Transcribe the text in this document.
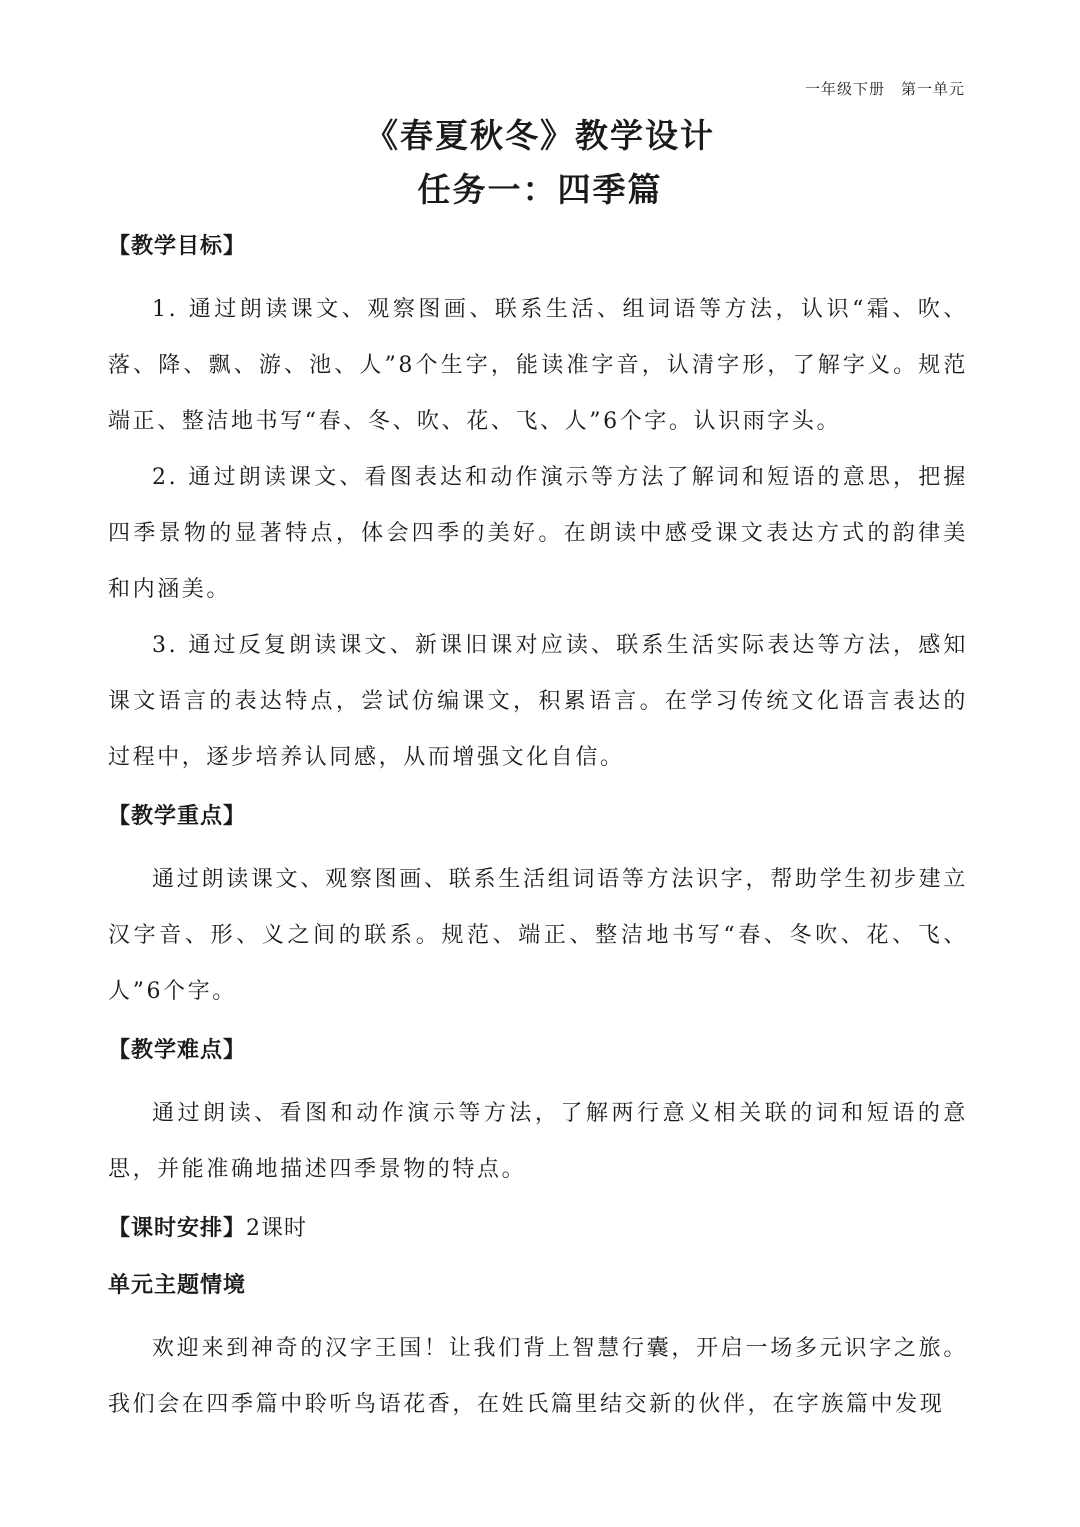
一年级下册　第一单元
《春夏秋冬》教学设计
任务一：四季篇
【教学目标】

1. 通过朗读课文、观察图画、联系生活、组词语等方法，认识“霜、吹、落、降、飘、游、池、人”8个生字，能读准字音，认清字形，了解字义。规范端正、整洁地书写“春、冬、吹、花、飞、人”6个字。认识雨字头。

2. 通过朗读课文、看图表达和动作演示等方法了解词和短语的意思，把握四季景物的显著特点，体会四季的美好。在朗读中感受课文表达方式的韵律美和内涵美。

3. 通过反复朗读课文、新课旧课对应读、联系生活实际表达等方法，感知课文语言的表达特点，尝试仿编课文，积累语言。在学习传统文化语言表达的过程中，逐步培养认同感，从而增强文化自信。

【教学重点】

通过朗读课文、观察图画、联系生活组词语等方法识字，帮助学生初步建立汉字音、形、义之间的联系。规范、端正、整洁地书写“春、冬吹、花、飞、人”6个字。

【教学难点】

通过朗读、看图和动作演示等方法，了解两行意义相关联的词和短语的意思，并能准确地描述四季景物的特点。

【课时安排】2课时
单元主题情境

欢迎来到神奇的汉字王国！让我们背上智慧行囊，开启一场多元识字之旅。我们会在四季篇中聆听鸟语花香，在姓氏篇里结交新的伙伴，在字族篇中发现
